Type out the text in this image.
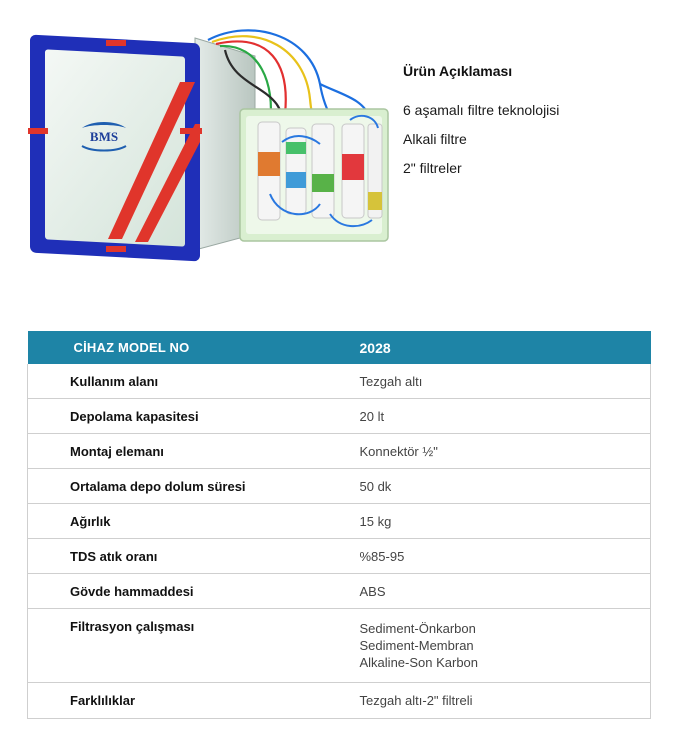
BMS
Ürün Açıklaması
6 aşamalı filtre teknolojisi
Alkali filtre
2" filtreler
CİHAZ MODEL NO	2028
Kullanım alanı	Tezgah altı
Depolama kapasitesi	20 lt
Montaj elemanı	Konnektör ½"
Ortalama depo dolum süresi	50 dk
Ağırlık	15 kg
TDS atık oranı	%85-95
Gövde hammaddesi	ABS
Filtrasyon çalışması	Sediment-Önkarbon
Sediment-Membran
Alkaline-Son Karbon

Farklılıklar	Tezgah altı-2" filtreli
